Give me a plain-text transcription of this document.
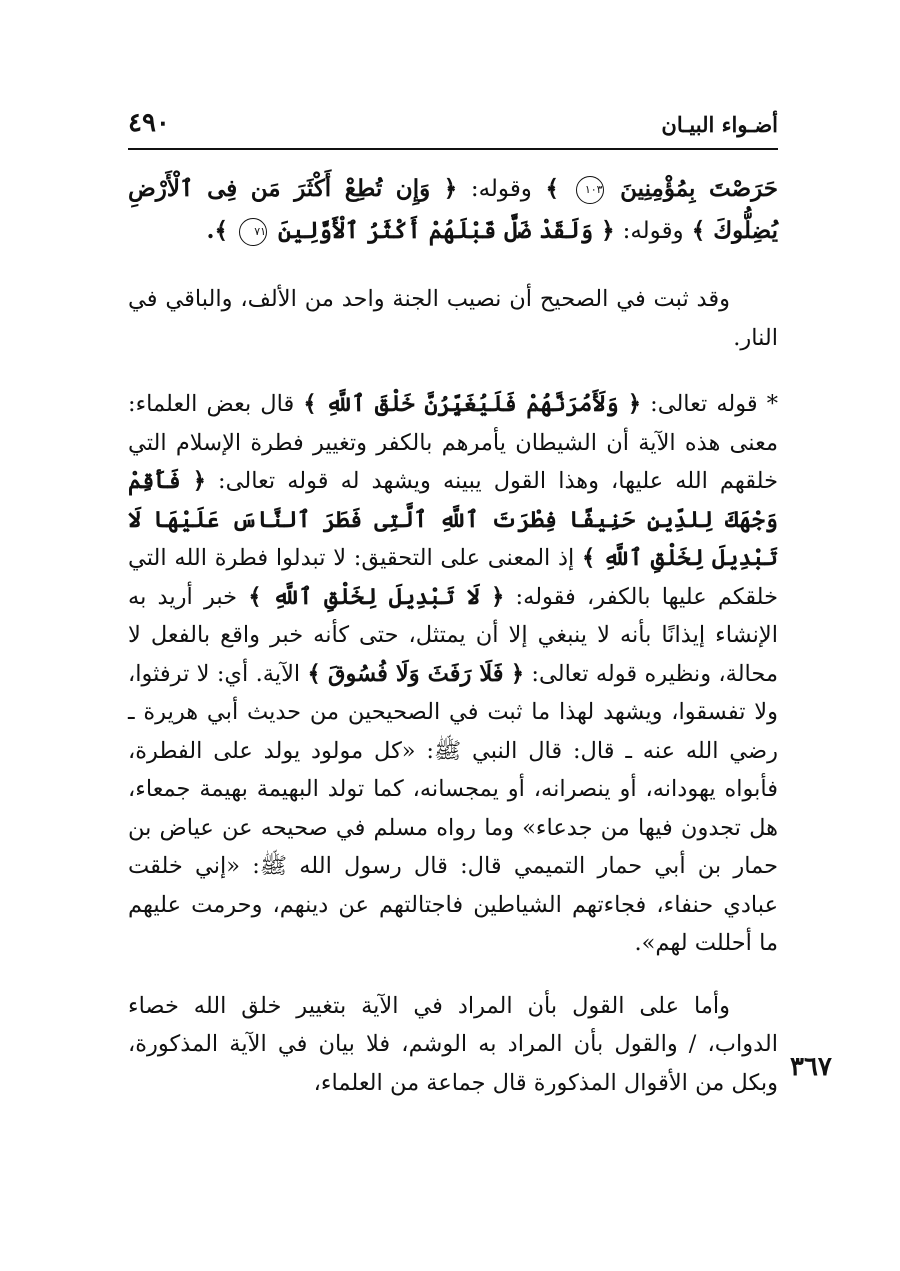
٤٩٠	أضـواء البيـان

حَرَصْتَ بِمُؤْمِنِينَ ١٠٣ ﴾ وقوله: ﴿ وَإِن تُطِعْ أَكْثَرَ مَن فِى ٱلْأَرْضِ يُضِلُّوكَ ﴾ وقوله: ﴿ وَلَقَدْ ضَلَّ قَبْلَهُمْ أَكْثَرُ ٱلْأَوَّلِينَ ٧١ ﴾.

وقد ثبت في الصحيح أن نصيب الجنة واحد من الألف، والباقي في النار.

* قوله تعالى: ﴿ وَلَأَمُرَنَّهُمْ فَلَيُغَيِّرُنَّ خَلْقَ ٱللَّهِ ﴾ قال بعض العلماء: معنى هذه الآية أن الشيطان يأمرهم بالكفر وتغيير فطرة الإسلام التي خلقهم الله عليها، وهذا القول يبينه ويشهد له قوله تعالى: ﴿ فَأَقِمْ وَجْهَكَ لِلدِّينِ حَنِيفًا فِطْرَتَ ٱللَّهِ ٱلَّتِى فَطَرَ ٱلنَّاسَ عَلَيْهَا لَا تَبْدِيلَ لِخَلْقِ ٱللَّهِ ﴾ إذ المعنى على التحقيق: لا تبدلوا فطرة الله التي خلقكم عليها بالكفر، فقوله: ﴿ لَا تَبْدِيلَ لِخَلْقِ ٱللَّهِ ﴾ خبر أريد به الإنشاء إيذانًا بأنه لا ينبغي إلا أن يمتثل، حتى كأنه خبر واقع بالفعل لا محالة، ونظيره قوله تعالى: ﴿ فَلَا رَفَثَ وَلَا فُسُوقَ ﴾ الآية. أي: لا ترفثوا، ولا تفسقوا، ويشهد لهذا ما ثبت في الصحيحين من حديث أبي هريرة ـ رضي الله عنه ـ قال: قال النبي ﷺ: «كل مولود يولد على الفطرة، فأبواه يهودانه، أو ينصرانه، أو يمجسانه، كما تولد البهيمة بهيمة جمعاء، هل تجدون فيها من جدعاء» وما رواه مسلم في صحيحه عن عياض بن حمار بن أبي حمار التميمي قال: قال رسول الله ﷺ: «إني خلقت عبادي حنفاء، فجاءتهم الشياطين فاجتالتهم عن دينهم، وحرمت عليهم ما أحللت لهم».

وأما على القول بأن المراد في الآية بتغيير خلق الله خصاء الدواب، / والقول بأن المراد به الوشم، فلا بيان في الآية المذكورة، وبكل من الأقوال المذكورة قال جماعة من العلماء،

٣٦٧
